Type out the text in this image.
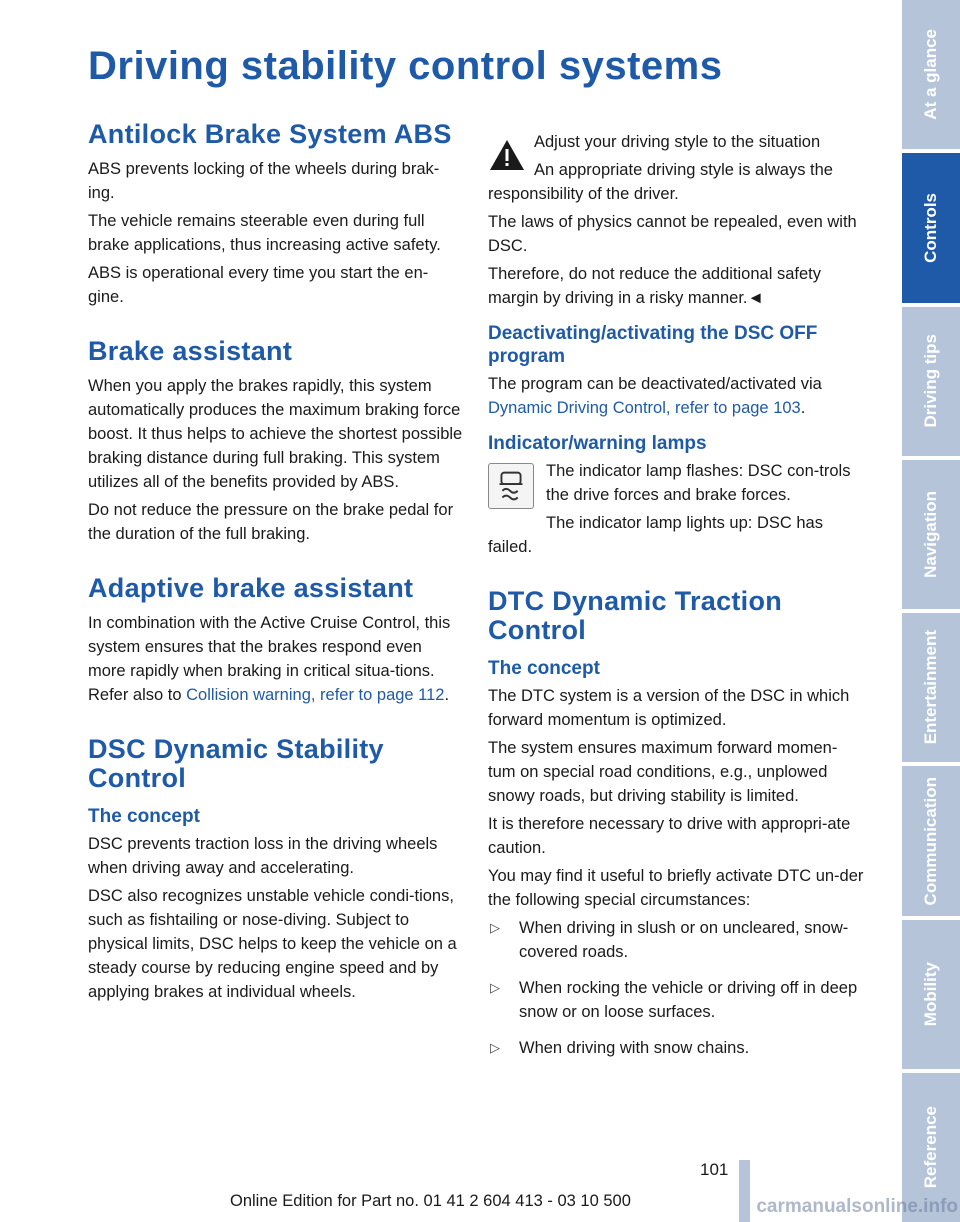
Driving stability control systems
Antilock Brake System ABS

ABS prevents locking of the wheels during brak-ing.

The vehicle remains steerable even during full brake applications, thus increasing active safety.

ABS is operational every time you start the en-gine.

Brake assistant

When you apply the brakes rapidly, this system automatically produces the maximum braking force boost. It thus helps to achieve the shortest possible braking distance during full braking. This system utilizes all of the benefits provided by ABS.

Do not reduce the pressure on the brake pedal for the duration of the full braking.

Adaptive brake assistant

In combination with the Active Cruise Control, this system ensures that the brakes respond even more rapidly when braking in critical situa-tions. Refer also to Collision warning, refer to page 112.

DSC Dynamic Stability Control
The concept

DSC prevents traction loss in the driving wheels when driving away and accelerating.

DSC also recognizes unstable vehicle condi-tions, such as fishtailing or nose-diving. Subject to physical limits, DSC helps to keep the vehicle on a steady course by reducing engine speed and by applying brakes at individual wheels.

Adjust your driving style to the situation

An appropriate driving style is always the responsibility of the driver.

The laws of physics cannot be repealed, even with DSC.

Therefore, do not reduce the additional safety margin by driving in a risky manner.◄

Deactivating/activating the DSC OFF program

The program can be deactivated/activated via Dynamic Driving Control, refer to page 103.

Indicator/warning lamps

The indicator lamp flashes: DSC con-trols the drive forces and brake forces.

The indicator lamp lights up: DSC has failed.

DTC Dynamic Traction Control
The concept

The DTC system is a version of the DSC in which forward momentum is optimized.

The system ensures maximum forward momen-tum on special road conditions, e.g., unplowed snowy roads, but driving stability is limited.

It is therefore necessary to drive with appropri-ate caution.

You may find it useful to briefly activate DTC un-der the following special circumstances:

▷ When driving in slush or on uncleared, snow-covered roads.
▷ When rocking the vehicle or driving off in deep snow or on loose surfaces.
▷ When driving with snow chains.
At a glance
Controls
Driving tips
Navigation
Entertainment
Communication
Mobility
Reference
101
Online Edition for Part no. 01 41 2 604 413 - 03 10 500	carmanualsonline.info
